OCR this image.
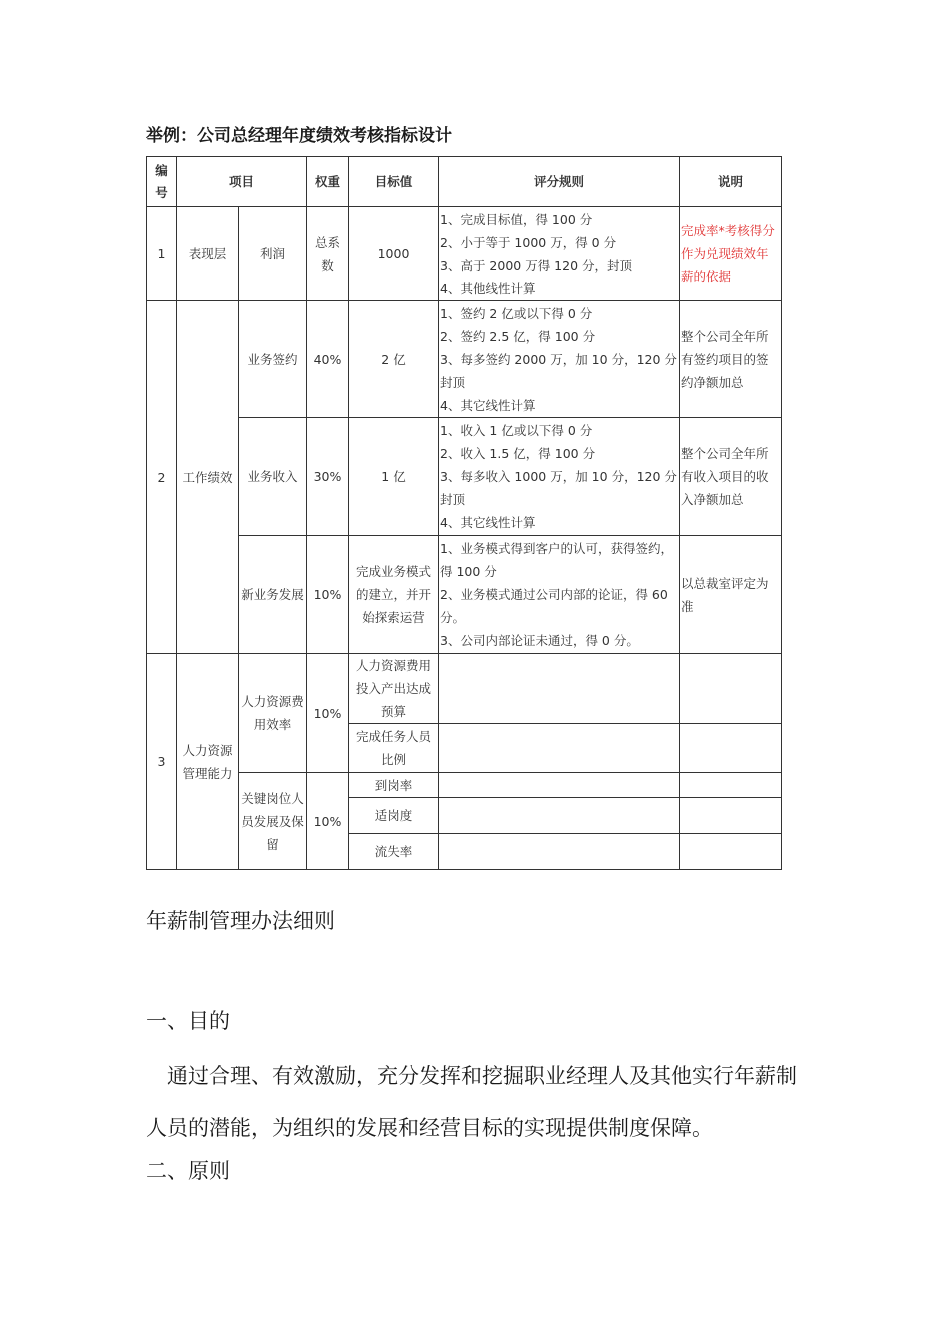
举例：公司总经理年度绩效考核指标设计
编号	项目		权重	目标值	评分规则	说明
1	表现层	利润	总系数	1000	1、完成目标值，得 100 分
2、小于等于 1000 万，得 0 分
3、高于 2000 万得 120 分，封顶
4、其他线性计算	完成率*考核得分作为兑现绩效年薪的依据
2	工作绩效	业务签约	40%	2 亿	1、签约 2 亿或以下得 0 分
2、签约 2.5 亿，得 100 分
3、每多签约 2000 万，加 10 分，120 分封顶
4、其它线性计算	整个公司全年所有签约项目的签约净额加总
		业务收入	30%	1 亿	1、收入 1 亿或以下得 0 分
2、收入 1.5 亿，得 100 分
3、每多收入 1000 万，加 10 分，120 分封顶
4、其它线性计算	整个公司全年所有收入项目的收入净额加总
		新业务发展	10%	完成业务模式的建立，并开始探索运营	1、业务模式得到客户的认可，获得签约，得 100 分
2、业务模式通过公司内部的论证，得 60 分。
3、公司内部论证未通过，得 0 分。	以总裁室评定为准
3	人力资源管理能力	人力资源费用效率	10%	人力资源费用投入产出达成预算		
				完成任务人员比例		
		关键岗位人员发展及保留	10%	到岗率		
				适岗度		
				流失率		

年薪制管理办法细则

一、目的

通过合理、有效激励，充分发挥和挖掘职业经理人及其他实行年薪制人员的潜能，为组织的发展和经营目标的实现提供制度保障。

二、原则
